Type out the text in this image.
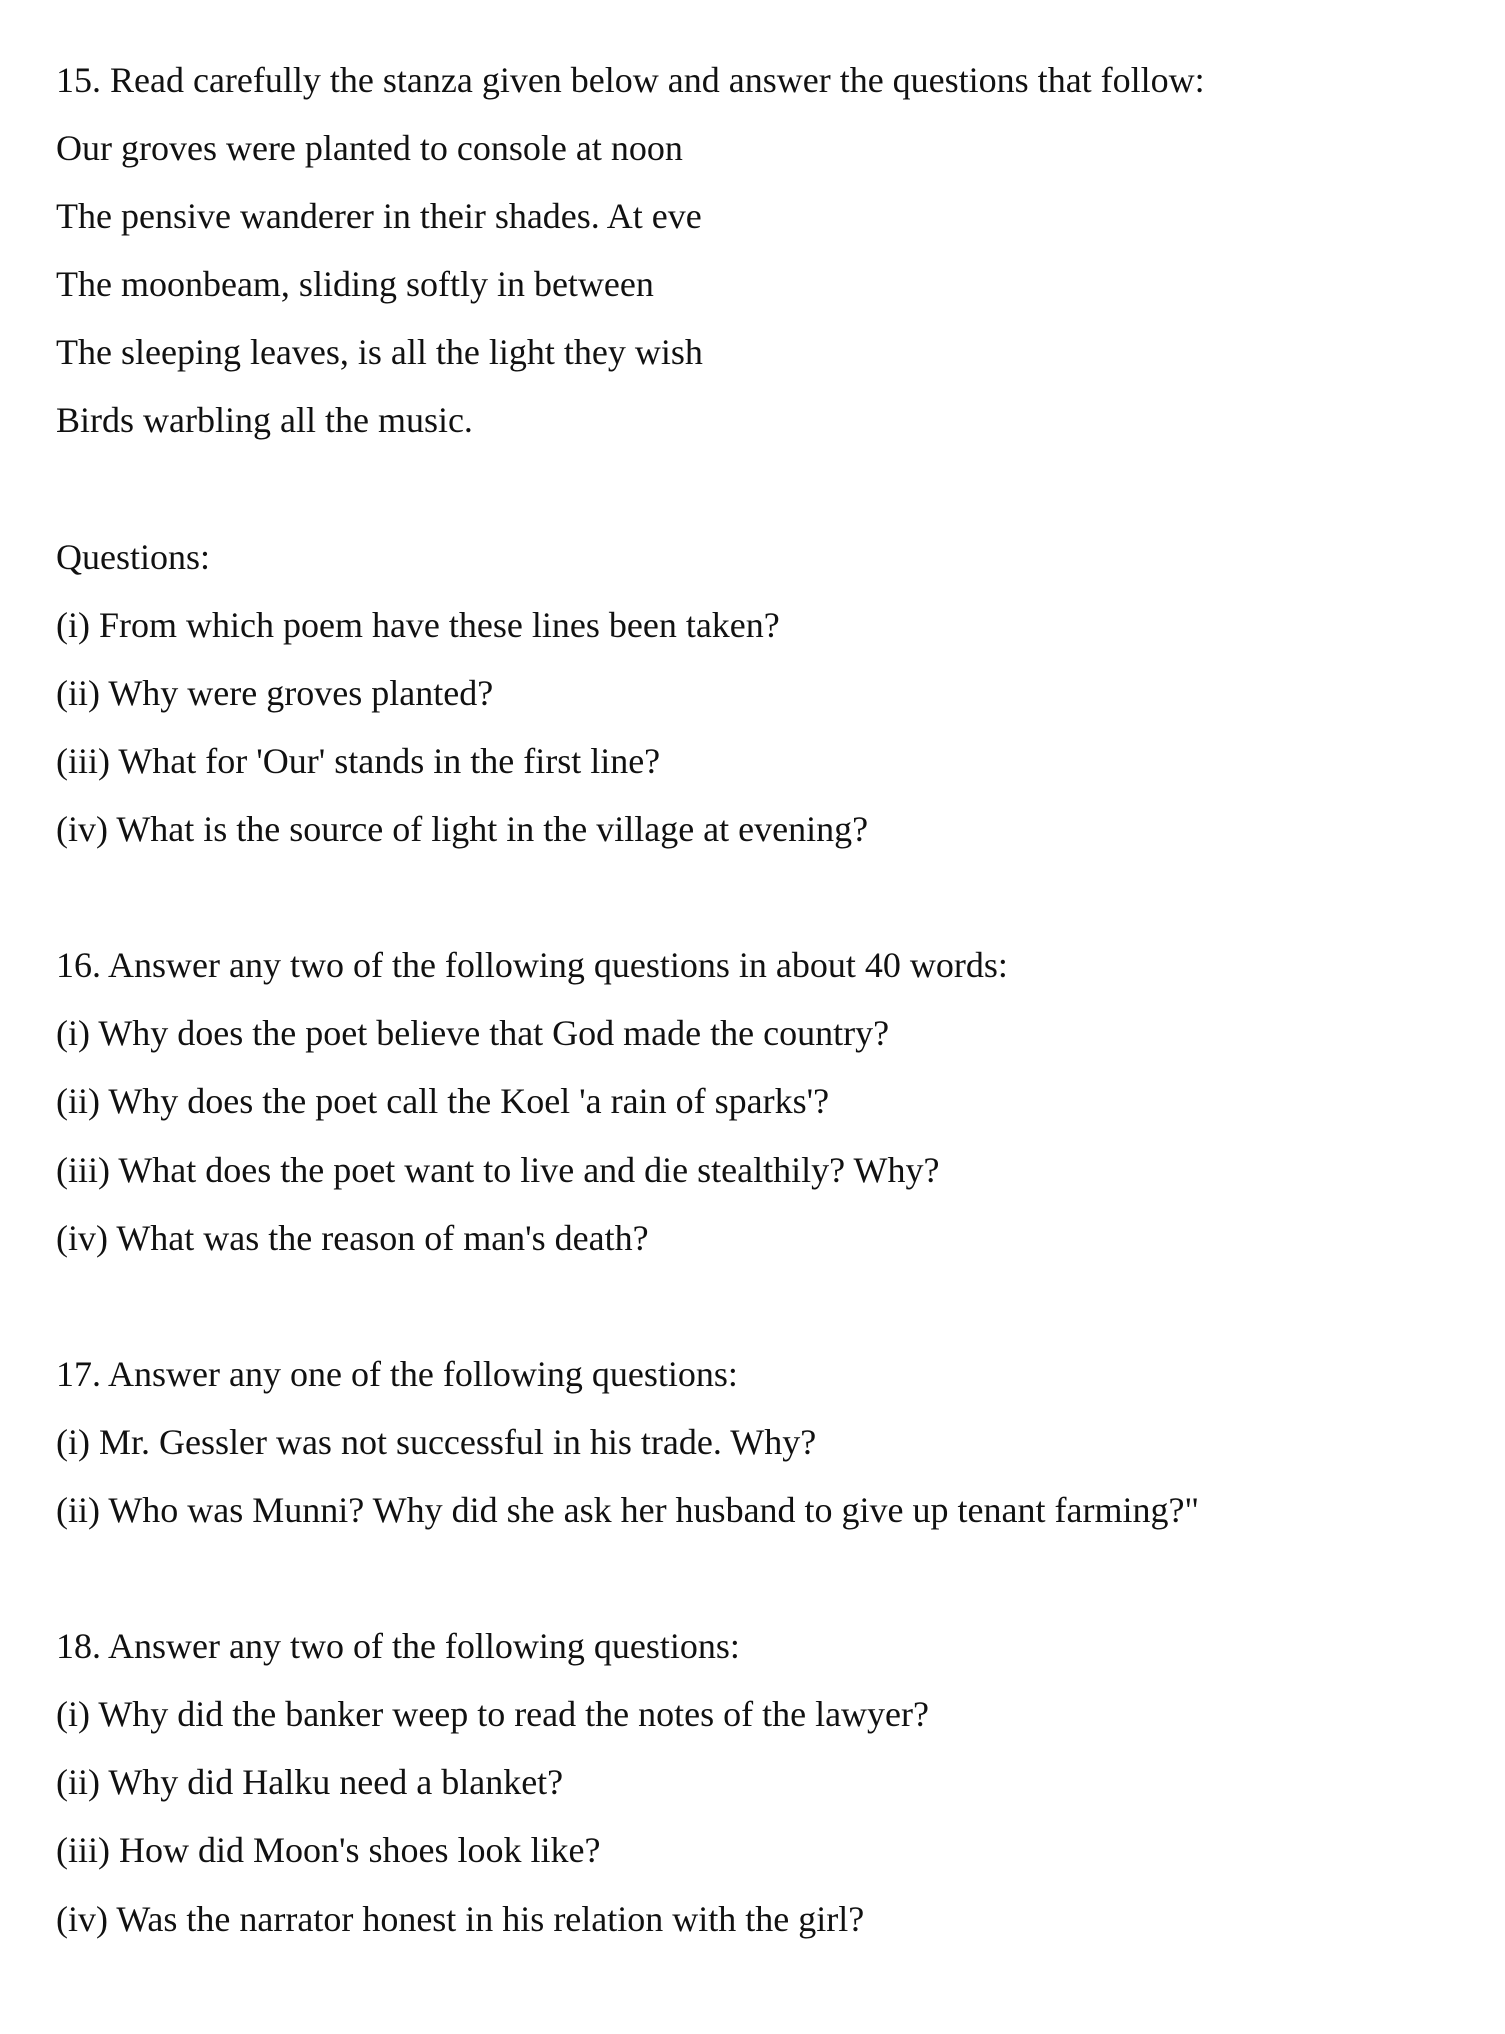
15. Read carefully the stanza given below and answer the questions that follow:
Our groves were planted to console at noon
The pensive wanderer in their shades. At eve
The moonbeam, sliding softly in between
The sleeping leaves, is all the light they wish
Birds warbling all the music.
Questions:
(i) From which poem have these lines been taken?
(ii) Why were groves planted?
(iii) What for 'Our' stands in the first line?
(iv) What is the source of light in the village at evening?
16. Answer any two of the following questions in about 40 words:
(i) Why does the poet believe that God made the country?
(ii) Why does the poet call the Koel 'a rain of sparks'?
(iii) What does the poet want to live and die stealthily? Why?
(iv) What was the reason of man's death?
17. Answer any one of the following questions:
(i) Mr. Gessler was not successful in his trade. Why?
(ii) Who was Munni? Why did she ask her husband to give up tenant farming?"
18. Answer any two of the following questions:
(i) Why did the banker weep to read the notes of the lawyer?
(ii) Why did Halku need a blanket?
(iii) How did Moon's shoes look like?
(iv) Was the narrator honest in his relation with the girl?
